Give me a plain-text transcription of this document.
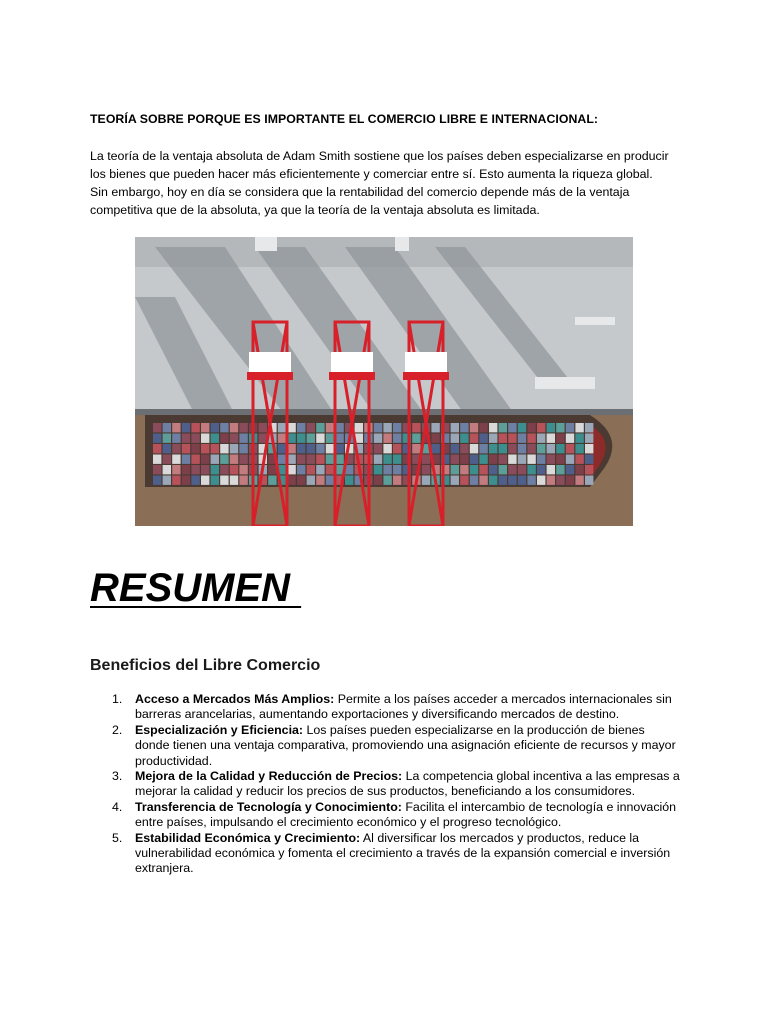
TEORÍA SOBRE PORQUE ES IMPORTANTE EL COMERCIO LIBRE E INTERNACIONAL:
La teoría de la ventaja absoluta de Adam Smith sostiene que los países deben especializarse en producir los bienes que pueden hacer más eficientemente y comerciar entre sí. Esto aumenta la riqueza global. Sin embargo, hoy en día se considera que la rentabilidad del comercio depende más de la ventaja competitiva que de la absoluta, ya que la teoría de la ventaja absoluta es limitada.
RESUMEN
Beneficios del Libre Comercio
1. Acceso a Mercados Más Amplios: Permite a los países acceder a mercados internacionales sin barreras arancelarias, aumentando exportaciones y diversificando mercados de destino.
2. Especialización y Eficiencia: Los países pueden especializarse en la producción de bienes donde tienen una ventaja comparativa, promoviendo una asignación eficiente de recursos y mayor productividad.
3. Mejora de la Calidad y Reducción de Precios: La competencia global incentiva a las empresas a mejorar la calidad y reducir los precios de sus productos, beneficiando a los consumidores.
4. Transferencia de Tecnología y Conocimiento: Facilita el intercambio de tecnología e innovación entre países, impulsando el crecimiento económico y el progreso tecnológico.
5. Estabilidad Económica y Crecimiento: Al diversificar los mercados y productos, reduce la vulnerabilidad económica y fomenta el crecimiento a través de la expansión comercial e inversión extranjera.
